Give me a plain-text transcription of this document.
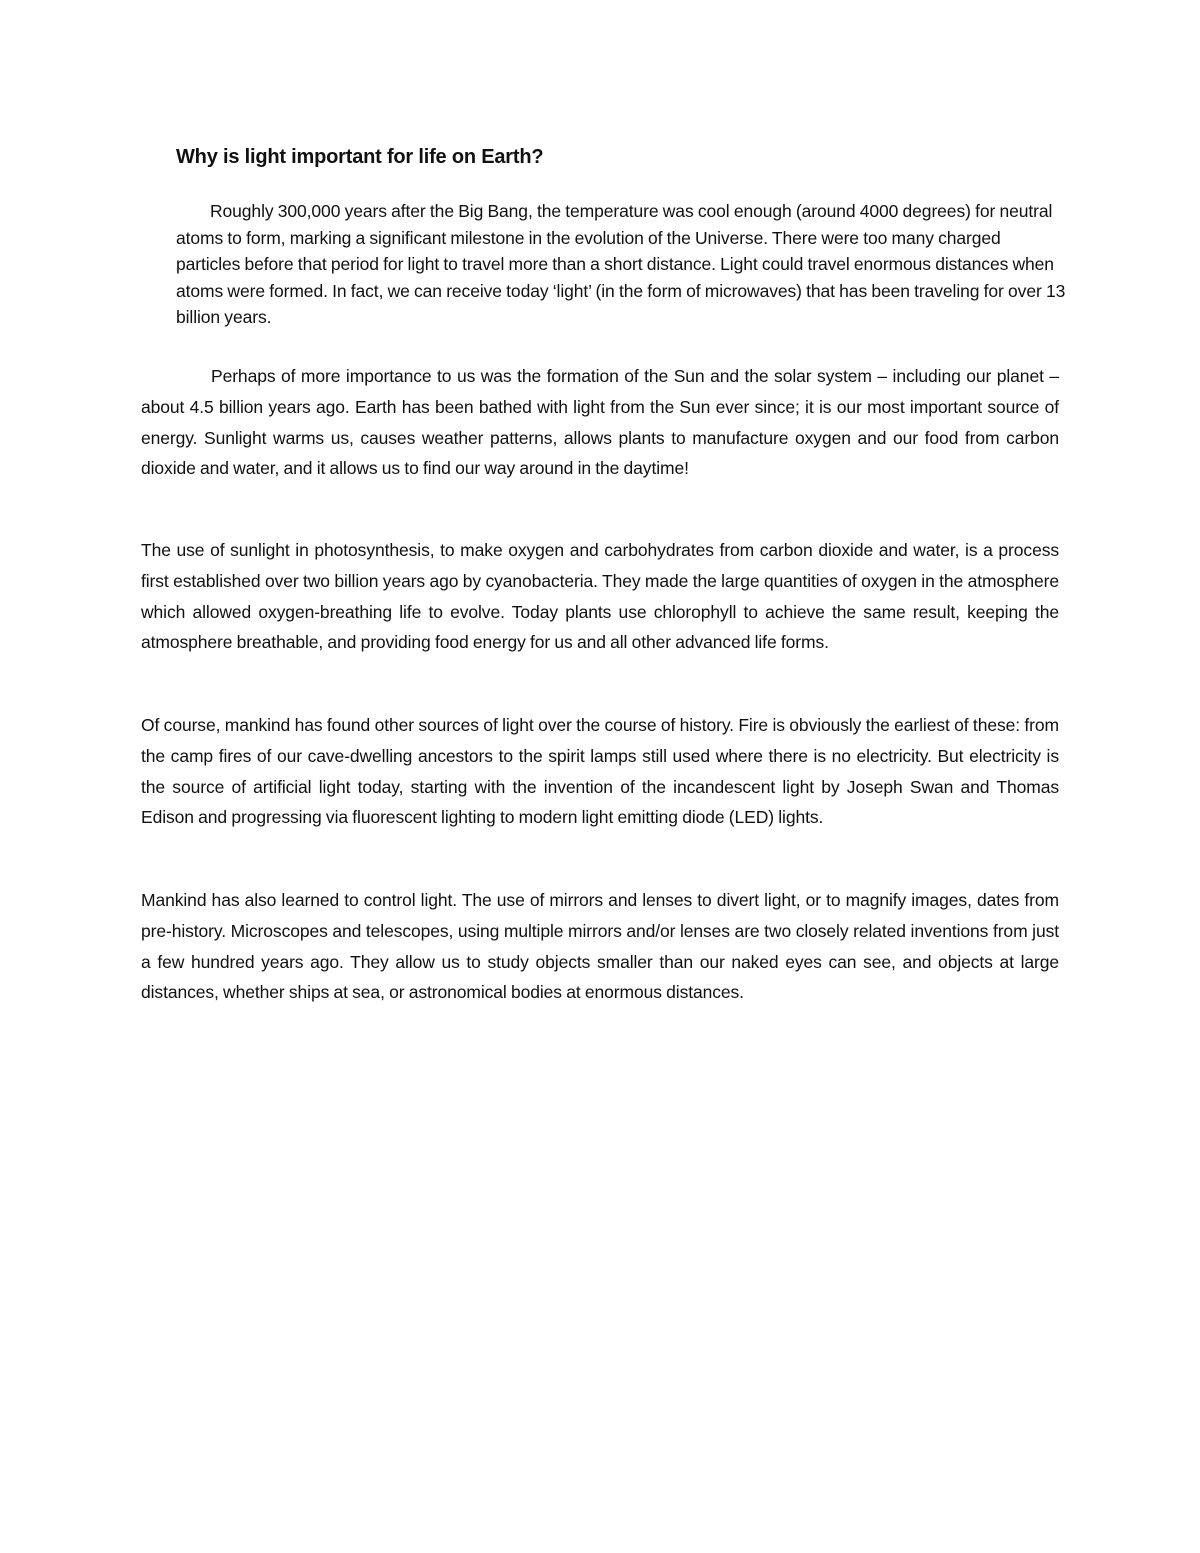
Why is light important for life on Earth?

Roughly 300,000 years after the Big Bang, the temperature was cool enough (around 4000 degrees) for neutral atoms to form, marking a significant milestone in the evolution of the Universe. There were too many charged particles before that period for light to travel more than a short distance. Light could travel enormous distances when atoms were formed. In fact, we can receive today ‘light’ (in the form of microwaves) that has been traveling for over 13 billion years.

Perhaps of more importance to us was the formation of the Sun and the solar system – including our planet – about 4.5 billion years ago. Earth has been bathed with light from the Sun ever since; it is our most important source of energy. Sunlight warms us, causes weather patterns, allows plants to manufacture oxygen and our food from carbon dioxide and water, and it allows us to find our way around in the daytime!

The use of sunlight in photosynthesis, to make oxygen and carbohydrates from carbon dioxide and water, is a process first established over two billion years ago by cyanobacteria. They made the large quantities of oxygen in the atmosphere which allowed oxygen-breathing life to evolve. Today plants use chlorophyll to achieve the same result, keeping the atmosphere breathable, and providing food energy for us and all other advanced life forms.

Of course, mankind has found other sources of light over the course of history. Fire is obviously the earliest of these: from the camp fires of our cave-dwelling ancestors to the spirit lamps still used where there is no electricity. But electricity is the source of artificial light today, starting with the invention of the incandescent light by Joseph Swan and Thomas Edison and progressing via fluorescent lighting to modern light emitting diode (LED) lights.

Mankind has also learned to control light. The use of mirrors and lenses to divert light, or to magnify images, dates from pre-history. Microscopes and telescopes, using multiple mirrors and/or lenses are two closely related inventions from just a few hundred years ago. They allow us to study objects smaller than our naked eyes can see, and objects at large distances, whether ships at sea, or astronomical bodies at enormous distances.
